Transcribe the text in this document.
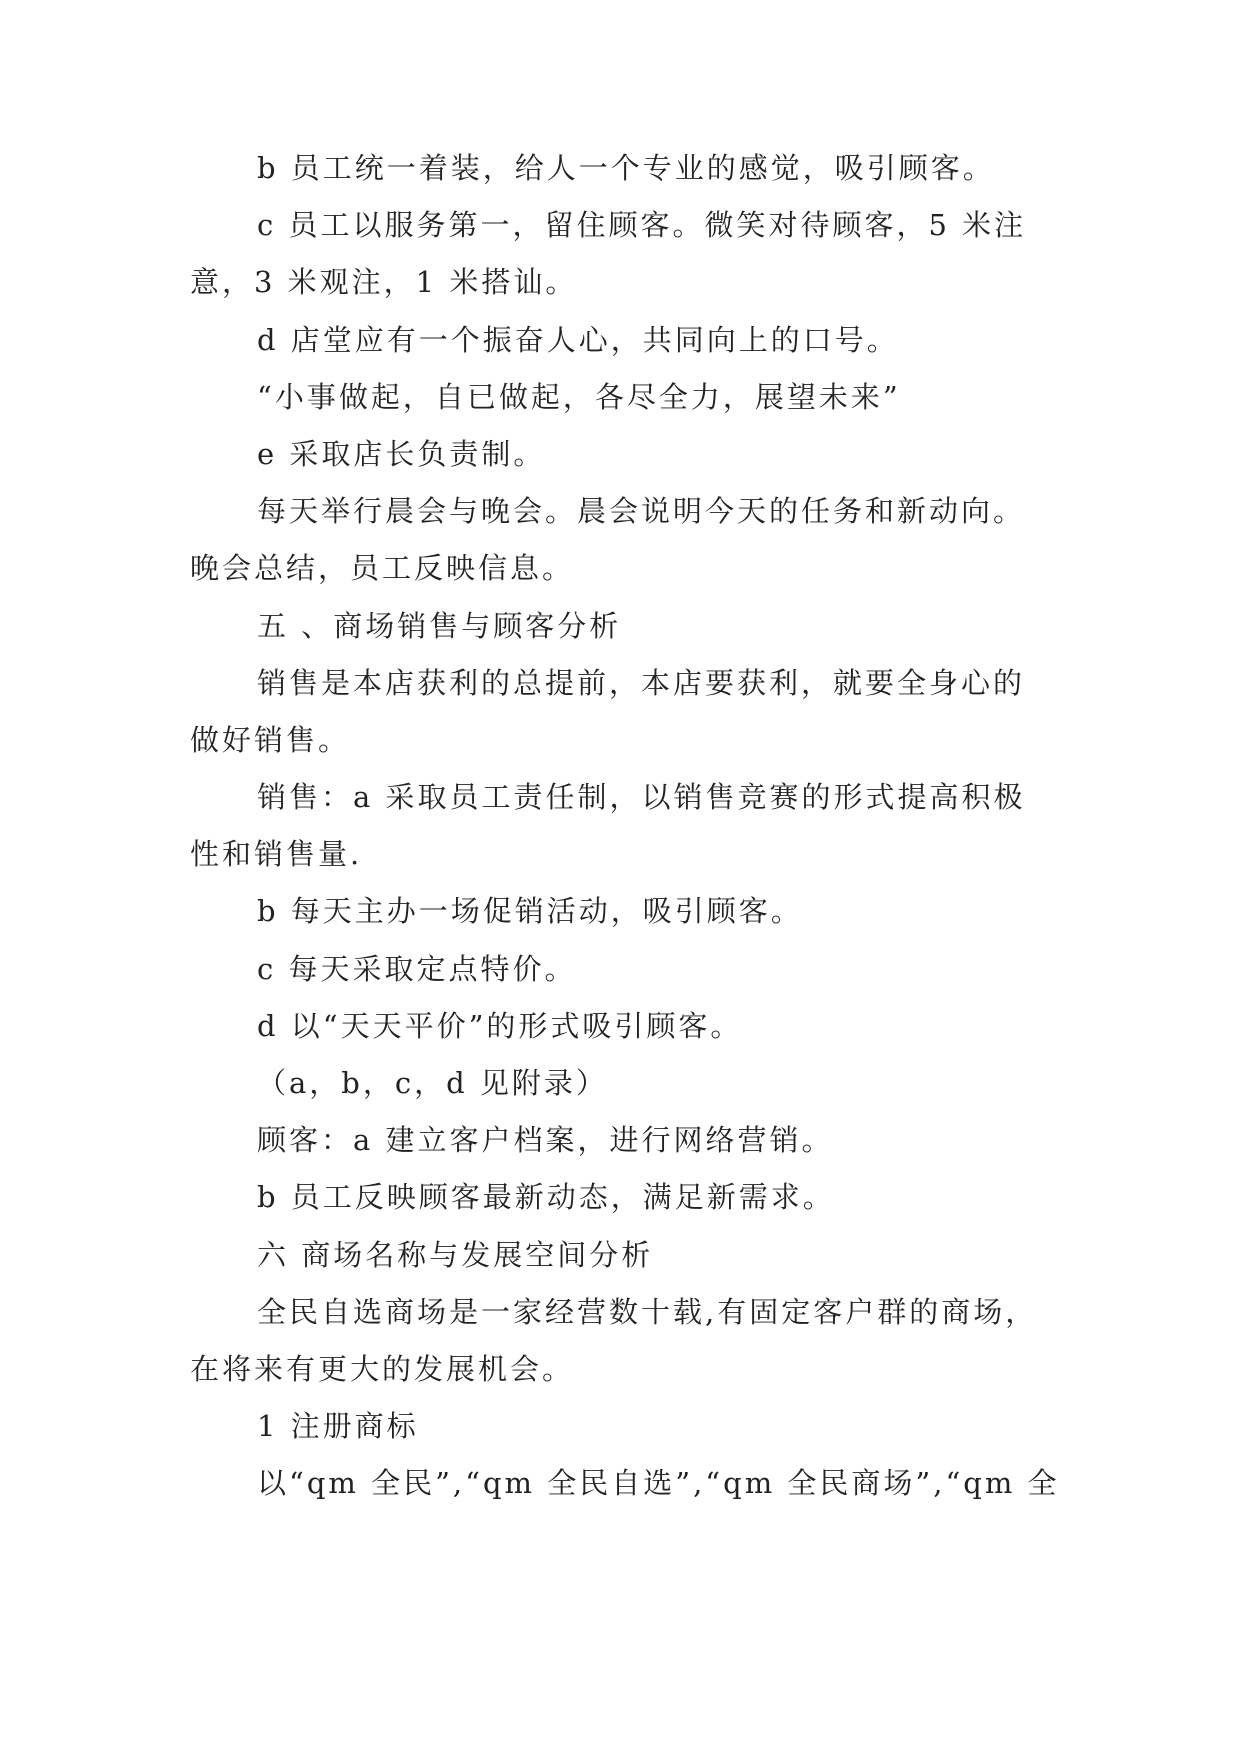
b 员工统一着装，给人一个专业的感觉，吸引顾客。
c 员工以服务第一，留住顾客。微笑对待顾客，5 米注
意，3 米观注，1 米搭讪。
d 店堂应有一个振奋人心，共同向上的口号。
“小事做起，自已做起，各尽全力，展望未来”
e 采取店长负责制。
每天举行晨会与晚会。晨会说明今天的任务和新动向。
晚会总结，员工反映信息。
五 、商场销售与顾客分析
销售是本店获利的总提前，本店要获利，就要全身心的
做好销售。
销售：a 采取员工责任制，以销售竞赛的形式提高积极
性和销售量.
b 每天主办一场促销活动，吸引顾客。
c 每天采取定点特价。
d 以“天天平价”的形式吸引顾客。
（a，b，c，d 见附录）
顾客：a 建立客户档案，进行网络营销。
b 员工反映顾客最新动态，满足新需求。
六 商场名称与发展空间分析
全民自选商场是一家经营数十载,有固定客户群的商场，
在将来有更大的发展机会。
1 注册商标
以“qm 全民”,“qm 全民自选”,“qm 全民商场”,“qm 全
